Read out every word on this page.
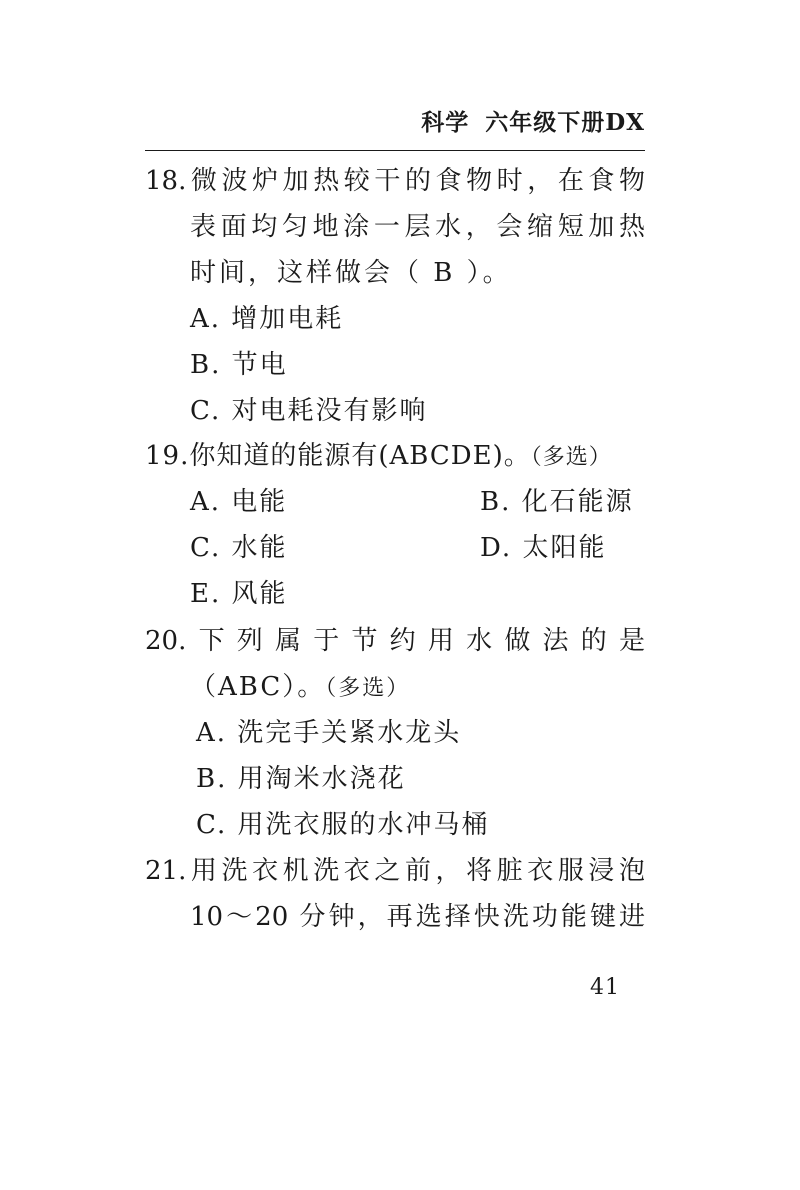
科学 六年级下册DX
18.微波炉加热较干的食物时，在食物
表面均匀地涂一层水，会缩短加热
时间，这样做会（ B ）。
A. 增加电耗
B. 节电
C. 对电耗没有影响
19.你知道的能源有(ABCDE)。（多选）
A. 电能	B. 化石能源
C. 水能	D. 太阳能
E. 风能
20.下列属于节约用水做法的是
（ABC）。（多选）
A. 洗完手关紧水龙头
B. 用淘米水浇花
C. 用洗衣服的水冲马桶
21.用洗衣机洗衣之前，将脏衣服浸泡
10～20 分钟，再选择快洗功能键进
41
